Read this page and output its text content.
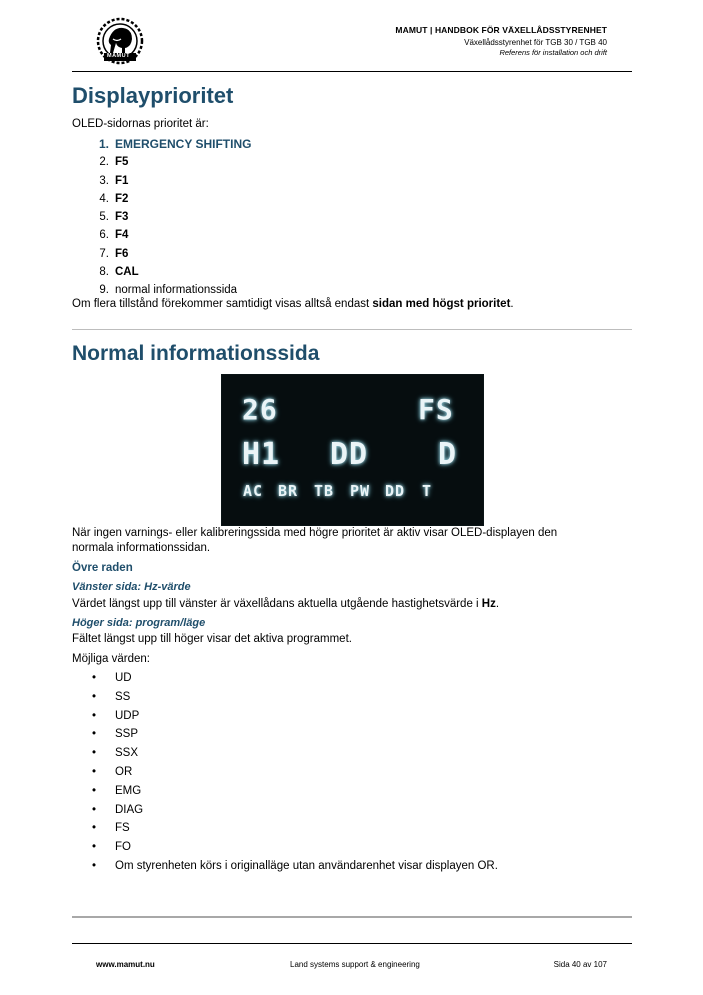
MAMUT
MAMUT | HANDBOK FÖR VÄXELLÅDSSTYRENHET
Växellådsstyrenhet för TGB 30 / TGB 40
Referens för installation och drift
Displayprioritet
OLED-sidornas prioritet är:
1. EMERGENCY SHIFTING
2. F5
3. F1
4. F2
5. F3
6. F4
7. F6
8. CAL
9. normal informationssida
Om flera tillstånd förekommer samtidigt visas alltså endast sidan med högst prioritet.
Normal informationssida
26	FS
H1 DD D
AC BR TB PW DD T
När ingen varnings- eller kalibreringssida med högre prioritet är aktiv visar OLED-displayen den
normala informationssidan.
Övre raden
Vänster sida: Hz-värde
Värdet längst upp till vänster är växellådans aktuella utgående hastighetsvärde i Hz.
Höger sida: program/läge
Fältet längst upp till höger visar det aktiva programmet.
Möjliga värden:
• UD
• SS
• UDP
• SSP
• SSX
• OR
• EMG
• DIAG
• FS
• FO
• Om styrenheten körs i originalläge utan användarenhet visar displayen OR.
www.mamut.nu	Land systems support & engineering	Sida 40 av 107
